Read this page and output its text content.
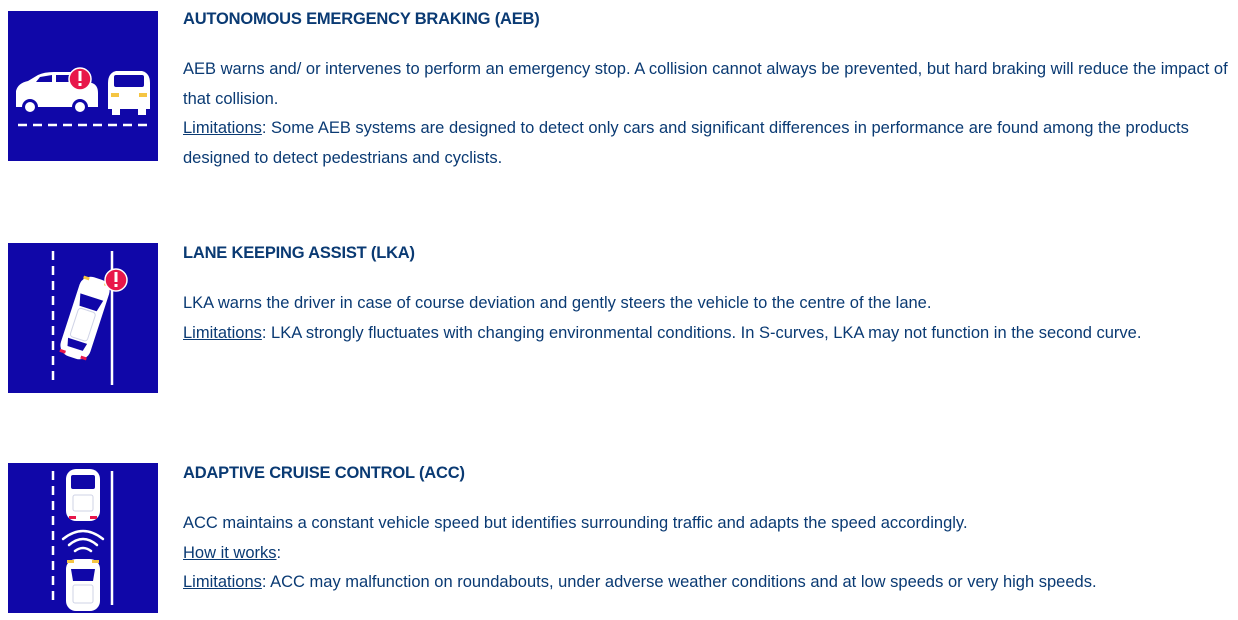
AUTONOMOUS EMERGENCY BRAKING (AEB)

AEB warns and/ or intervenes to perform an emergency stop. A collision cannot always be prevented, but hard braking will reduce the impact of that collision.

Limitations: Some AEB systems are designed to detect only cars and significant differences in performance are found among the products designed to detect pedestrians and cyclists.

LANE KEEPING ASSIST (LKA)

LKA warns the driver in case of course deviation and gently steers the vehicle to the centre of the lane.

Limitations: LKA strongly fluctuates with changing environmental conditions. In S-curves, LKA may not function in the second curve.

ADAPTIVE CRUISE CONTROL (ACC)

ACC maintains a constant vehicle speed but identifies surrounding traffic and adapts the speed accordingly.

How it works:

Limitations: ACC may malfunction on roundabouts, under adverse weather conditions and at low speeds or very high speeds.
